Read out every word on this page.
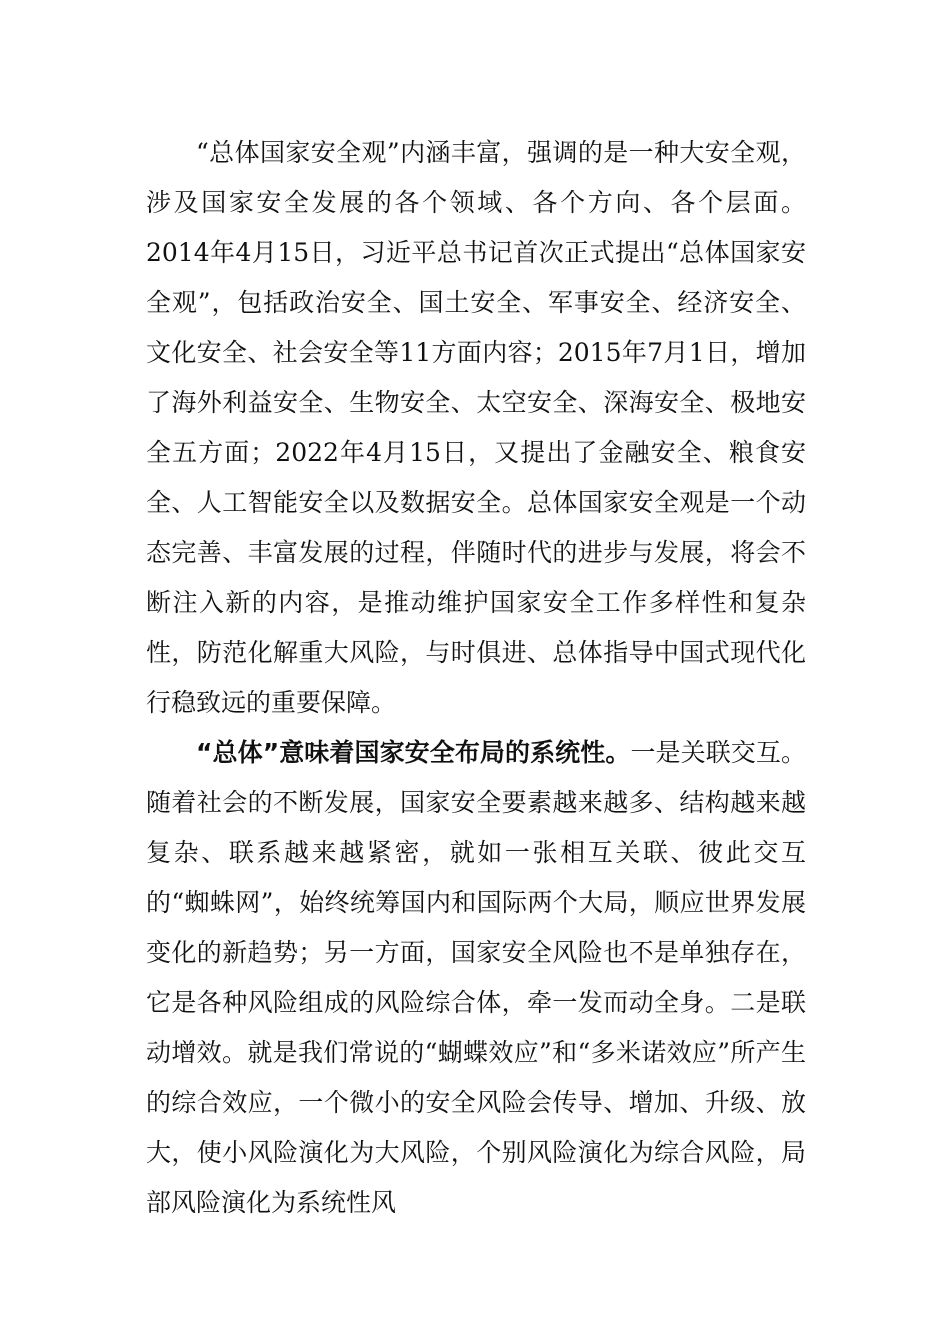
“总体国家安全观”内涵丰富，强调的是一种大安全观，涉及国家安全发展的各个领域、各个方向、各个层面。2014年4月15日，习近平总书记首次正式提出“总体国家安全观”，包括政治安全、国土安全、军事安全、经济安全、文化安全、社会安全等11方面内容；2015年7月1日，增加了海外利益安全、生物安全、太空安全、深海安全、极地安全五方面；2022年4月15日，又提出了金融安全、粮食安全、人工智能安全以及数据安全。总体国家安全观是一个动态完善、丰富发展的过程，伴随时代的进步与发展，将会不断注入新的内容，是推动维护国家安全工作多样性和复杂性，防范化解重大风险，与时俱进、总体指导中国式现代化行稳致远的重要保障。

“总体”意味着国家安全布局的系统性。一是关联交互。随着社会的不断发展，国家安全要素越来越多、结构越来越复杂、联系越来越紧密，就如一张相互关联、彼此交互的“蜘蛛网”，始终统筹国内和国际两个大局，顺应世界发展变化的新趋势；另一方面，国家安全风险也不是单独存在，它是各种风险组成的风险综合体，牵一发而动全身。二是联动增效。就是我们常说的“蝴蝶效应”和“多米诺效应”所产生的综合效应，一个微小的安全风险会传导、增加、升级、放大，使小风险演化为大风险，个别风险演化为综合风险，局部风险演化为系统性风
